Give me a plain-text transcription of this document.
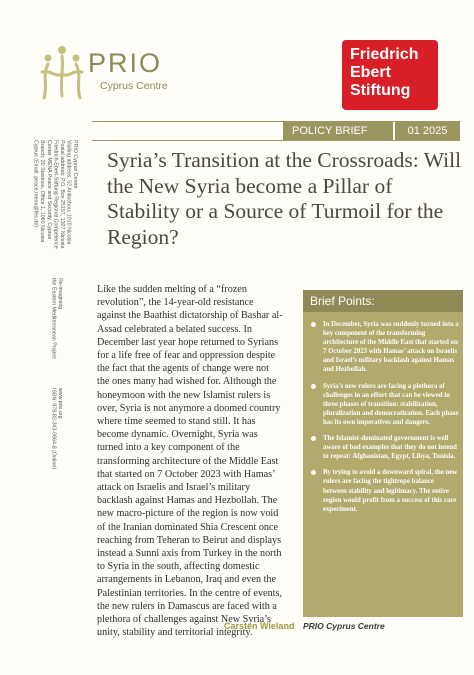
PRIO
Cyprus Centre
Friedrich
Ebert
Stiftung
POLICY BRIEF	01 2025
Syria’s Transition at the Crossroads: Will the New Syria become a Pillar of Stability or a Source of Turmoil for the Region?
PRIO Cyprus Centre
Visiting address: 52 Antiochou, 1010 Nicosia
Postal address: P.O. Box 25157, 1307 Nicosia
Friedrich-Ebert-Stiftung Regional Competence
Center MENA Peace and Security, Cyprus
Branch: 20 Stasinou, Office 1, 1060 Nicosia
Cyprus (Email: peace.mena@fes.de)
Re-imagining
the Eastern Mediterranean Project
www.prio.org
ISBN: 978-82-343-0664-8 (Online)

Like the sudden melting of a “frozen revolution”, the 14-year-old resistance against the Baathist dictatorship of Bashar al-Assad celebrated a belated success. In December last year hope returned to Syrians for a life free of fear and oppression despite the fact that the agents of change were not the ones many had wished for. Although the honeymoon with the new Islamist rulers is over, Syria is not anymore a doomed country where time seemed to stand still. It has become dynamic. Overnight, Syria was turned into a key component of the transforming architecture of the Middle East that started on 7 October 2023 with Hamas’ attack on Israelis and Israel’s military backlash against Hamas and Hezbollah. The new macro-picture of the region is now void of the Iranian dominated Shia Crescent once reaching from Teheran to Beirut and displays instead a Sunni axis from Turkey in the north to Syria in the south, affecting domestic arrangements in Lebanon, Iraq and even the Palestinian territories. In the centre of events, the new rulers in Damascus are faced with a plethora of challenges against New Syria’s unity, stability and territorial integrity.

Brief Points:
In December, Syria was suddenly turned into a key component of the transforming architecture of the Middle East that started on 7 October 2023 with Hamas’ attack on Israelis and Israel’s military backlash against Hamas and Hezbollah.
Syria’s new rulers are facing a plethora of challenges in an effort that can be viewed in three phases of transition: stabilization, pluralization and democratization. Each phase has its own imperatives and dangers.
The Islamist-dominated government is well aware of bad examples that they do not intend to repeat: Afghanistan, Egypt, Libya, Tunisia.
By trying to avoid a downward spiral, the new rulers are facing the tightrope balance between stability and legitimacy. The entire region would profit from a success of this rare experiment.
Carsten Wieland PRIO Cyprus Centre
